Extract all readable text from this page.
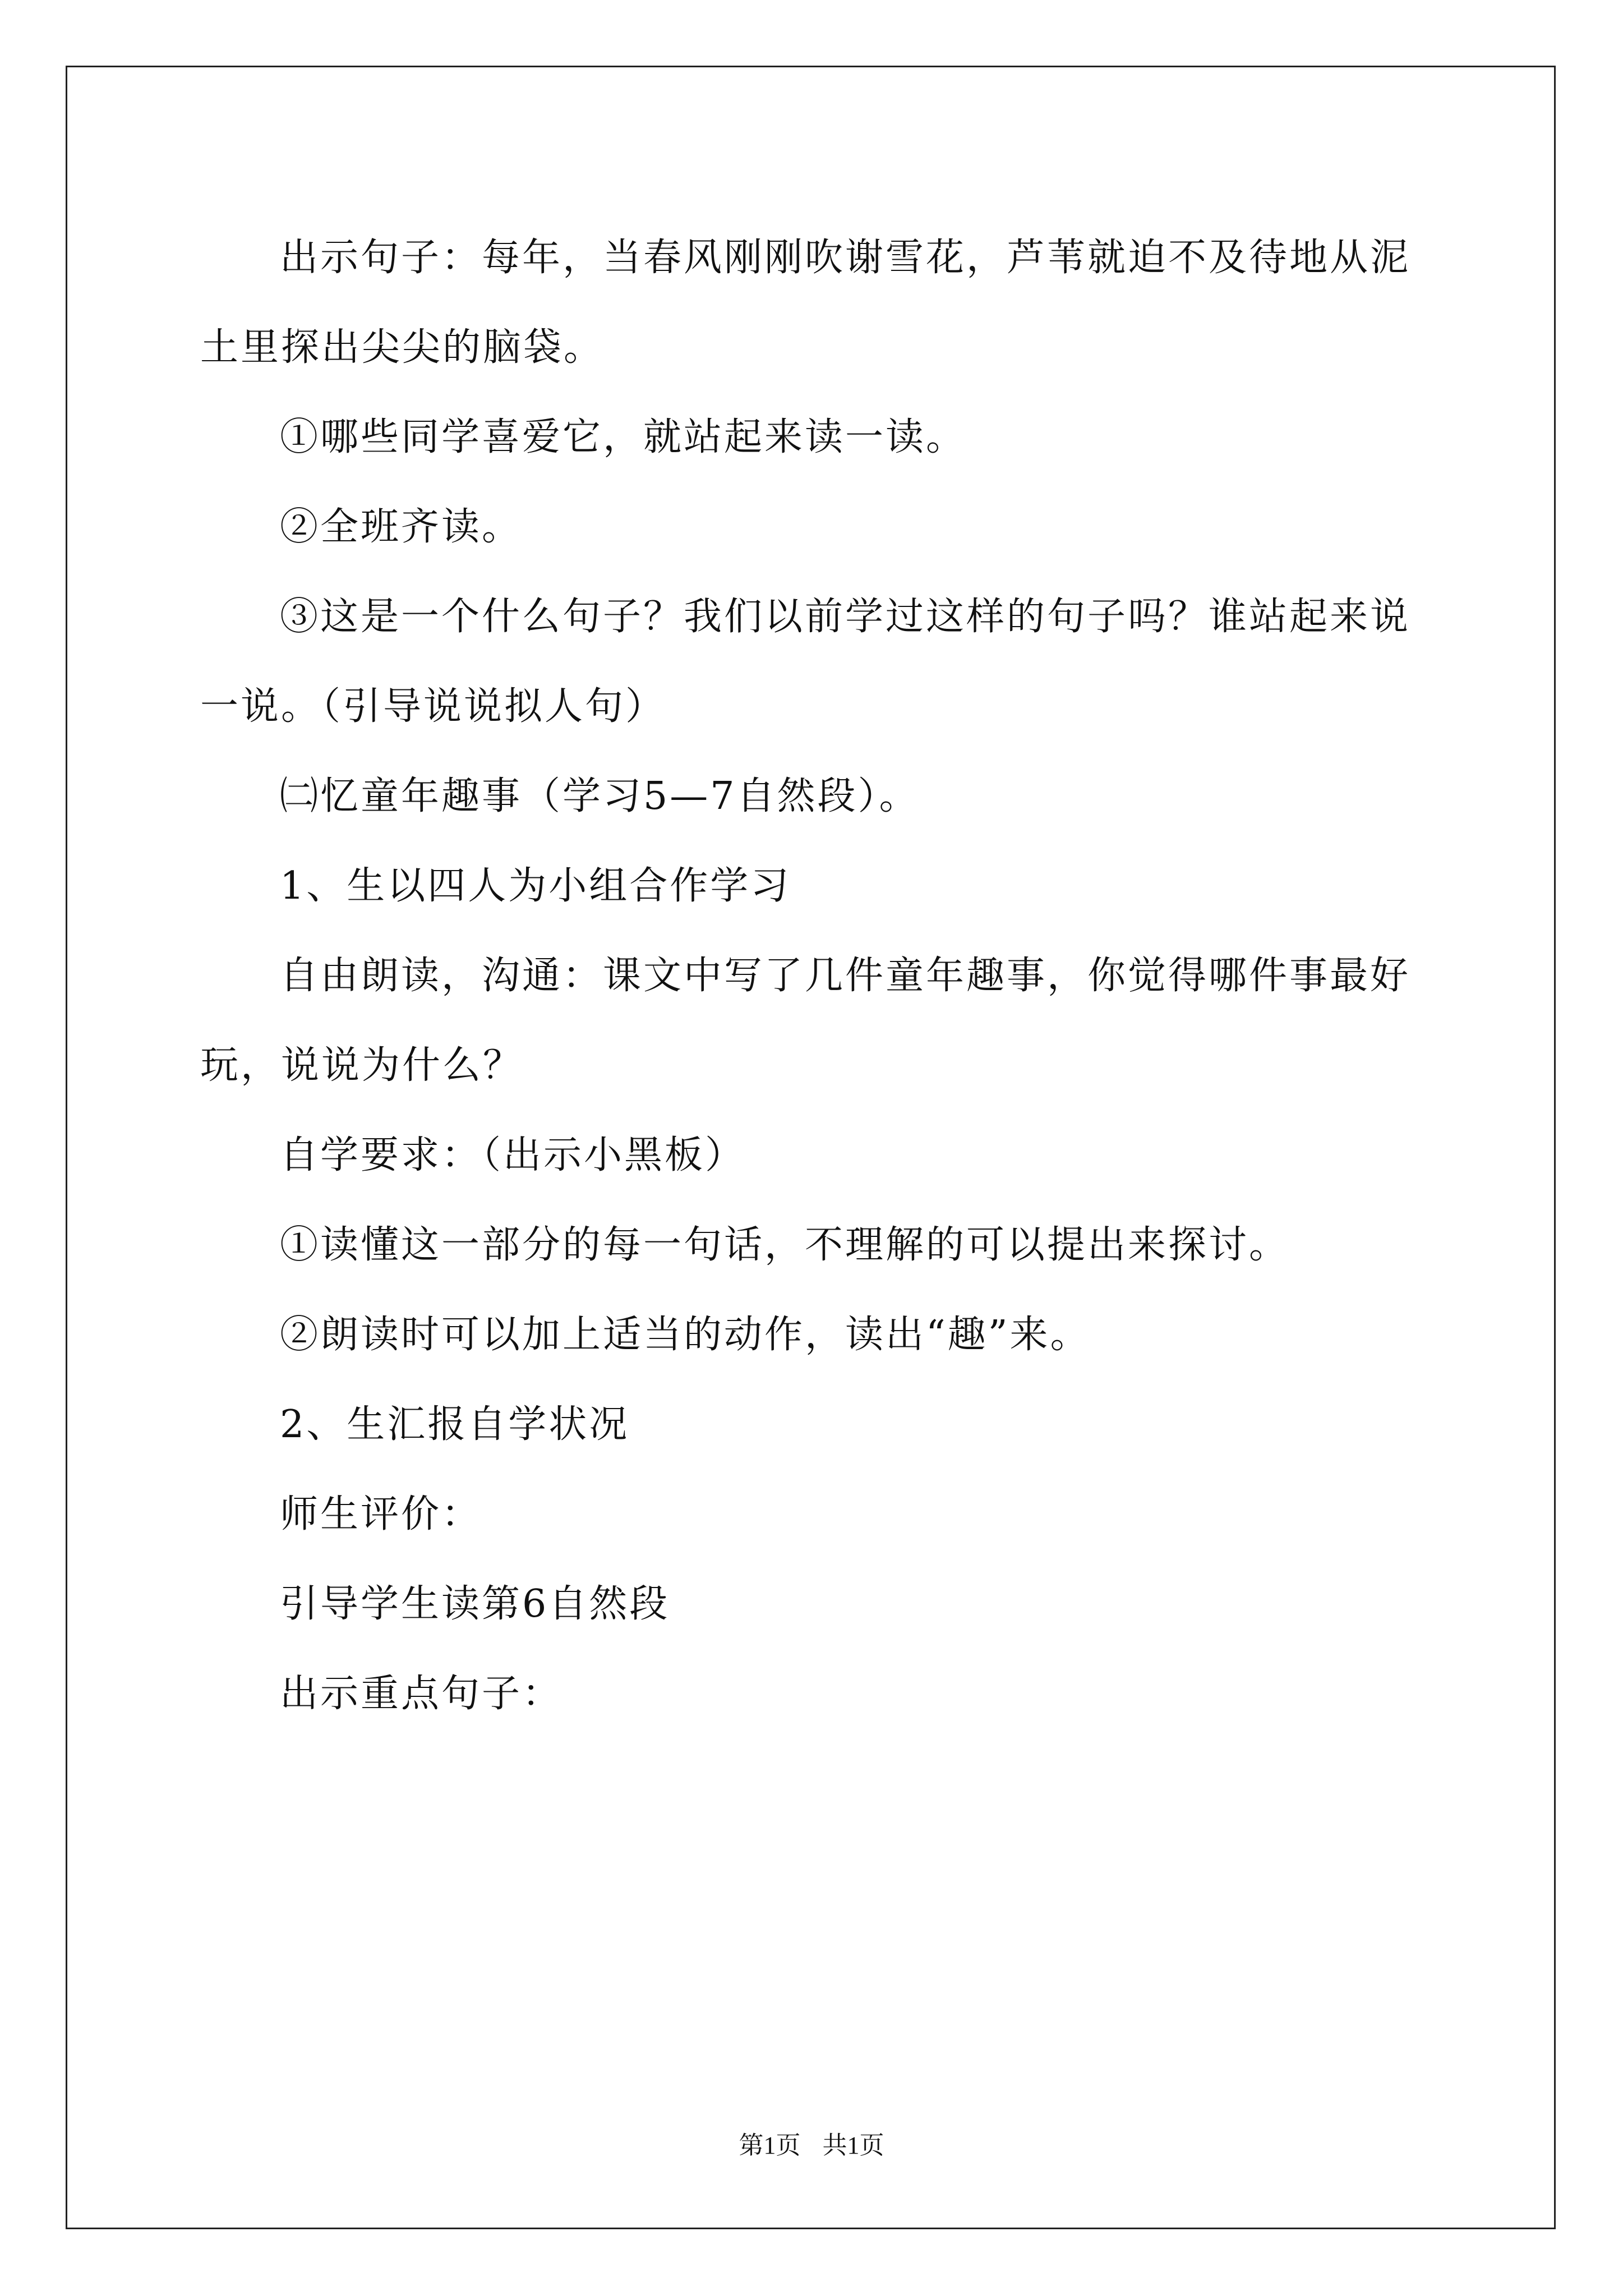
出示句子：每年，当春风刚刚吹谢雪花，芦苇就迫不及待地从泥土里探出尖尖的脑袋。

①哪些同学喜爱它，就站起来读一读。

②全班齐读。

③这是一个什么句子？我们以前学过这样的句子吗？谁站起来说一说。（引导说说拟人句）

㈡忆童年趣事（学习5—7自然段）。

1、生以四人为小组合作学习

自由朗读，沟通：课文中写了几件童年趣事，你觉得哪件事最好玩，说说为什么？

自学要求：（出示小黑板）

①读懂这一部分的每一句话，不理解的可以提出来探讨。

②朗读时可以加上适当的动作，读出“趣”来。

2、生汇报自学状况

师生评价：

引导学生读第6自然段

出示重点句子：

第1页 共1页
